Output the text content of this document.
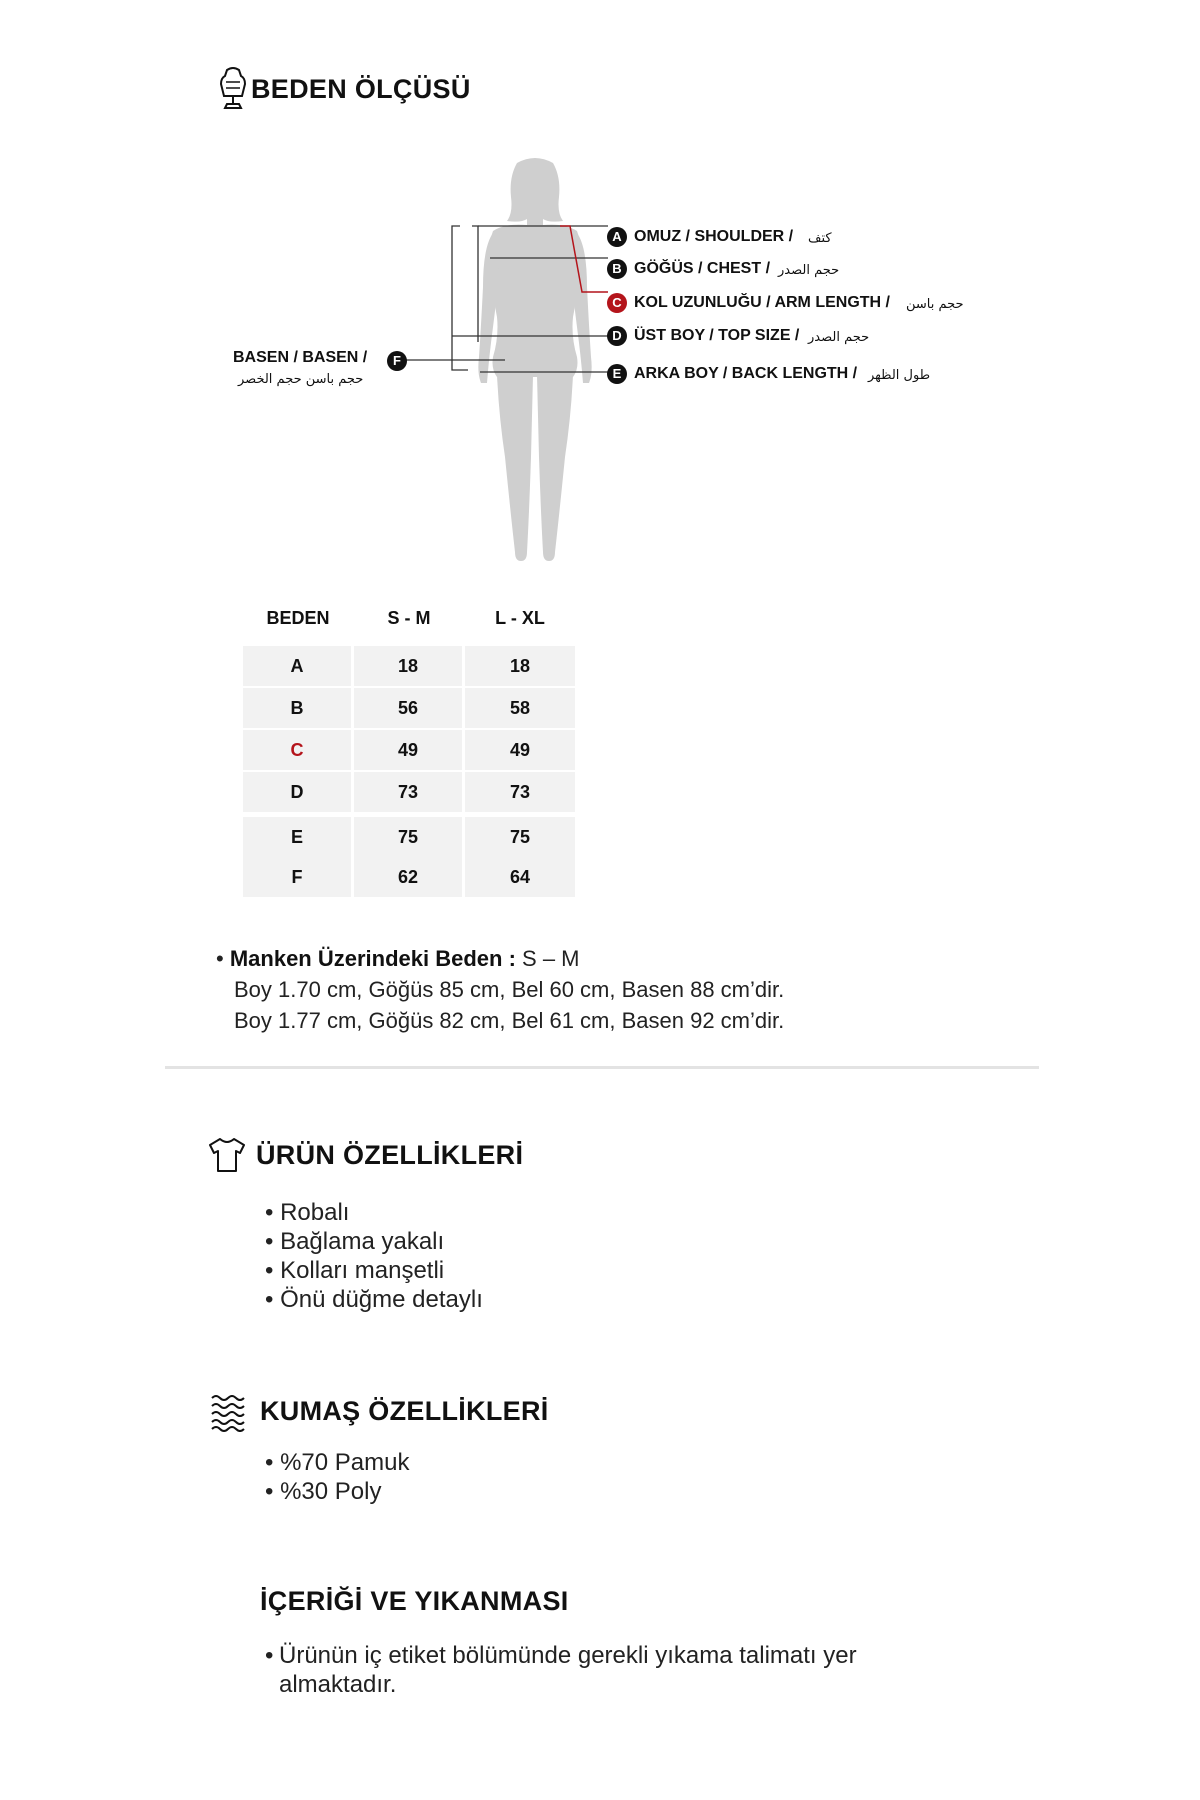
BEDEN ÖLÇÜSÜ
A OMUZ / SHOULDER / كتف
B GÖĞÜS / CHEST / حجم الصدر
C KOL UZUNLUĞU / ARM LENGTH / حجم باسن
D ÜST BOY / TOP SIZE / حجم الصدر
E ARKA BOY / BACK LENGTH / طول الظهر
BASEN / BASEN /
حجم باسن حجم الخصر
F
BEDEN	S - M	L - XL
A	18	18
B	56	58
C	49	49
D	73	73
E	75	75
F	62	64
• Manken Üzerindeki Beden : S – M
Boy 1.70 cm, Göğüs 85 cm, Bel 60 cm, Basen 88 cm’dir.
Boy 1.77 cm, Göğüs 82 cm, Bel 61 cm, Basen 92 cm’dir.
ÜRÜN ÖZELLİKLERİ
• Robalı
• Bağlama yakalı
• Kolları manşetli
• Önü düğme detaylı
KUMAŞ ÖZELLİKLERİ
• %70 Pamuk
• %30 Poly
İÇERİĞİ VE YIKANMASI
• Ürünün iç etiket bölümünde gerekli yıkama talimatı yer almaktadır.
